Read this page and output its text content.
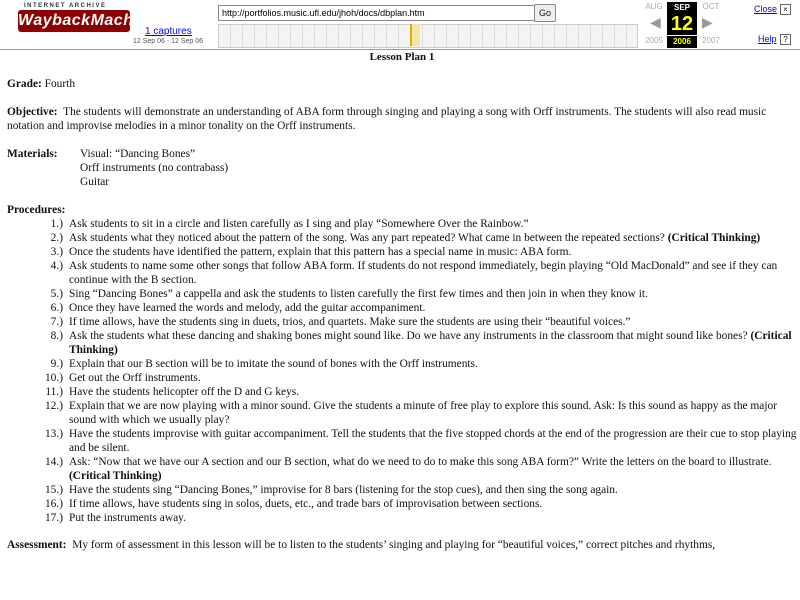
INTERNET ARCHIVE
WaybackMachine	http://portfolios.music.ufl.edu/jhoh/docs/dbplan.htm	Go
1 captures
12 Sep 06 - 12 Sep 06
AUG	SEP	OCT
◀ 12 ▶
2005	2006	2007
Close ×
Help ?

Lesson Plan 1

Grade: Fourth

Objective: The students will demonstrate an understanding of ABA form through singing and playing a song with Orff instruments. The students will also read music notation and improvise melodies in a minor tonality on the Orff instruments.

Materials:	Visual: “Dancing Bones”
Orff instruments (no contrabass)
Guitar

Procedures:

1.) Ask students to sit in a circle and listen carefully as I sing and play “Somewhere Over the Rainbow.”
2.) Ask students what they noticed about the pattern of the song. Was any part repeated? What came in between the repeated sections? (Critical Thinking)
3.) Once the students have identified the pattern, explain that this pattern has a special name in music: ABA form.
4.) Ask students to name some other songs that follow ABA form. If students do not respond immediately, begin playing “Old MacDonald” and see if they can continue with the B section.
5.) Sing “Dancing Bones” a cappella and ask the students to listen carefully the first few times and then join in when they know it.
6.) Once they have learned the words and melody, add the guitar accompaniment.
7.) If time allows, have the students sing in duets, trios, and quartets. Make sure the students are using their “beautiful voices.”
8.) Ask the students what these dancing and shaking bones might sound like. Do we have any instruments in the classroom that might sound like bones? (Critical Thinking)
9.) Explain that our B section will be to imitate the sound of bones with the Orff instruments.
10.) Get out the Orff instruments.
11.) Have the students helicopter off the D and G keys.
12.) Explain that we are now playing with a minor sound. Give the students a minute of free play to explore this sound. Ask: Is this sound as happy as the major sound with which we usually play?
13.) Have the students improvise with guitar accompaniment. Tell the students that the five stopped chords at the end of the progression are their cue to stop playing and be silent.
14.) Ask: “Now that we have our A section and our B section, what do we need to do to make this song ABA form?” Write the letters on the board to illustrate. (Critical Thinking)
15.) Have the students sing “Dancing Bones,” improvise for 8 bars (listening for the stop cues), and then sing the song again.
16.) If time allows, have students sing in solos, duets, etc., and trade bars of improvisation between sections.
17.) Put the instruments away.

Assessment: My form of assessment in this lesson will be to listen to the students’ singing and playing for “beautiful voices,” correct pitches and rhythms,
